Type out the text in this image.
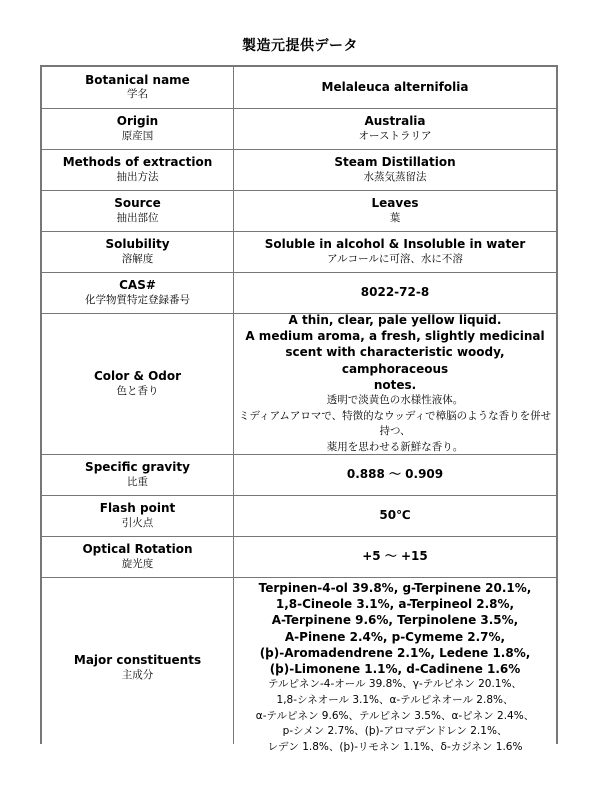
製造元提供データ
Botanical name
学名
Melaleuca alternifolia
Origin
原産国
Australia
オーストラリア
Methods of extraction
抽出方法
Steam Distillation
水蒸気蒸留法
Source
抽出部位
Leaves
葉
Solubility
溶解度
Soluble in alcohol & Insoluble in water
アルコールに可溶、水に不溶
CAS#
化学物質特定登録番号
8022-72-8
Color & Odor
色と香り
A thin, clear, pale yellow liquid.
A medium aroma, a fresh, slightly medicinal
scent with characteristic woody, camphoraceous
notes.
透明で淡黄色の水様性液体。
ミディアムアロマで、特徴的なウッディで樟脳のような香りを併せ持つ、
薬用を思わせる新鮮な香り。
Specific gravity
比重
0.888 ～ 0.909
Flash point
引火点
50℃
Optical Rotation
旋光度
+5 ～ +15
Major constituents
主成分
Terpinen-4-ol 39.8%, g-Terpinene 20.1%,
1,8-Cineole 3.1%, a-Terpineol 2.8%,
A-Terpinene 9.6%, Terpinolene 3.5%,
A-Pinene 2.4%, p-Cymeme 2.7%,
(þ)-Aromadendrene 2.1%, Ledene 1.8%,
(þ)-Limonene 1.1%, d-Cadinene 1.6%
テルピネン-4-オール 39.8%、γ-テルピネン 20.1%、
1,8-シネオール 3.1%、α-テルピネオール 2.8%、
α-テルピネン 9.6%、テルピネン 3.5%、α-ピネン 2.4%、
p-シメン 2.7%、(þ)-アロマデンドレン 2.1%、
レデン 1.8%、(þ)-リモネン 1.1%、δ-カジネン 1.6%
